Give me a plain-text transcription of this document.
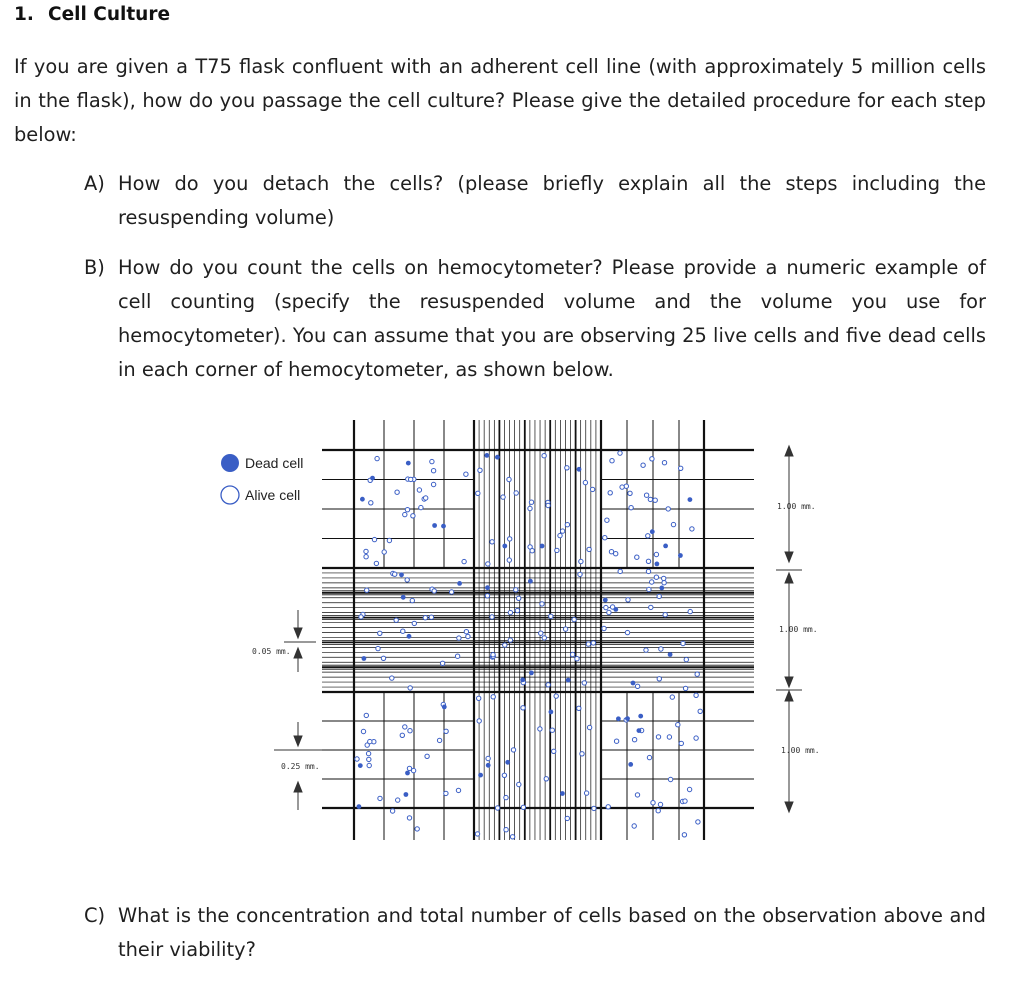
1. Cell Culture
If you are given a T75 flask confluent with an adherent cell line (with approximately 5 million cells in the flask), how do you passage the cell culture? Please give the detailed procedure for each step below:
A) How do you detach the cells? (please briefly explain all the steps including the resuspending volume)
B) How do you count the cells on hemocytometer? Please provide a numeric example of cell counting (specify the resuspended volume and the volume you use for hemocytometer). You can assume that you are observing 25 live cells and five dead cells in each corner of hemocytometer, as shown below.
Dead cell
Alive cell
1.00 mm.
1.00 mm.
1.00 mm.
0.05 mm.
0.25 mm.
C) What is the concentration and total number of cells based on the observation above and their viability?
